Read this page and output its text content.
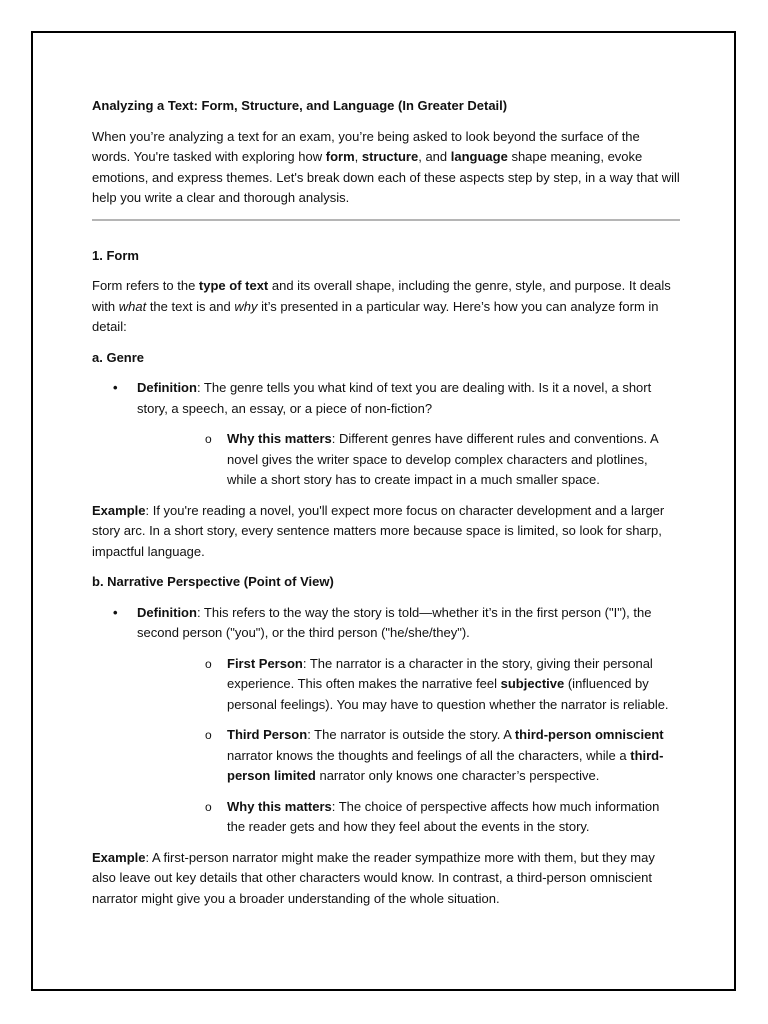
Analyzing a Text: Form, Structure, and Language (In Greater Detail)

When you’re analyzing a text for an exam, you’re being asked to look beyond the surface of the words. You're tasked with exploring how form, structure, and language shape meaning, evoke emotions, and express themes. Let's break down each of these aspects step by step, in a way that will help you write a clear and thorough analysis.

1. Form

Form refers to the type of text and its overall shape, including the genre, style, and purpose. It deals with what the text is and why it’s presented in a particular way. Here’s how you can analyze form in detail:

a. Genre

• Definition: The genre tells you what kind of text you are dealing with. Is it a novel, a short story, a speech, an essay, or a piece of non-fiction?
o Why this matters: Different genres have different rules and conventions. A novel gives the writer space to develop complex characters and plotlines, while a short story has to create impact in a much smaller space.

Example: If you're reading a novel, you'll expect more focus on character development and a larger story arc. In a short story, every sentence matters more because space is limited, so look for sharp, impactful language.

b. Narrative Perspective (Point of View)

• Definition: This refers to the way the story is told—whether it’s in the first person ("I"), the second person ("you"), or the third person ("he/she/they").
o First Person: The narrator is a character in the story, giving their personal experience. This often makes the narrative feel subjective (influenced by personal feelings). You may have to question whether the narrator is reliable.
o Third Person: The narrator is outside the story. A third-person omniscient narrator knows the thoughts and feelings of all the characters, while a third-person limited narrator only knows one character’s perspective.
o Why this matters: The choice of perspective affects how much information the reader gets and how they feel about the events in the story.

Example: A first-person narrator might make the reader sympathize more with them, but they may also leave out key details that other characters would know. In contrast, a third-person omniscient narrator might give you a broader understanding of the whole situation.
